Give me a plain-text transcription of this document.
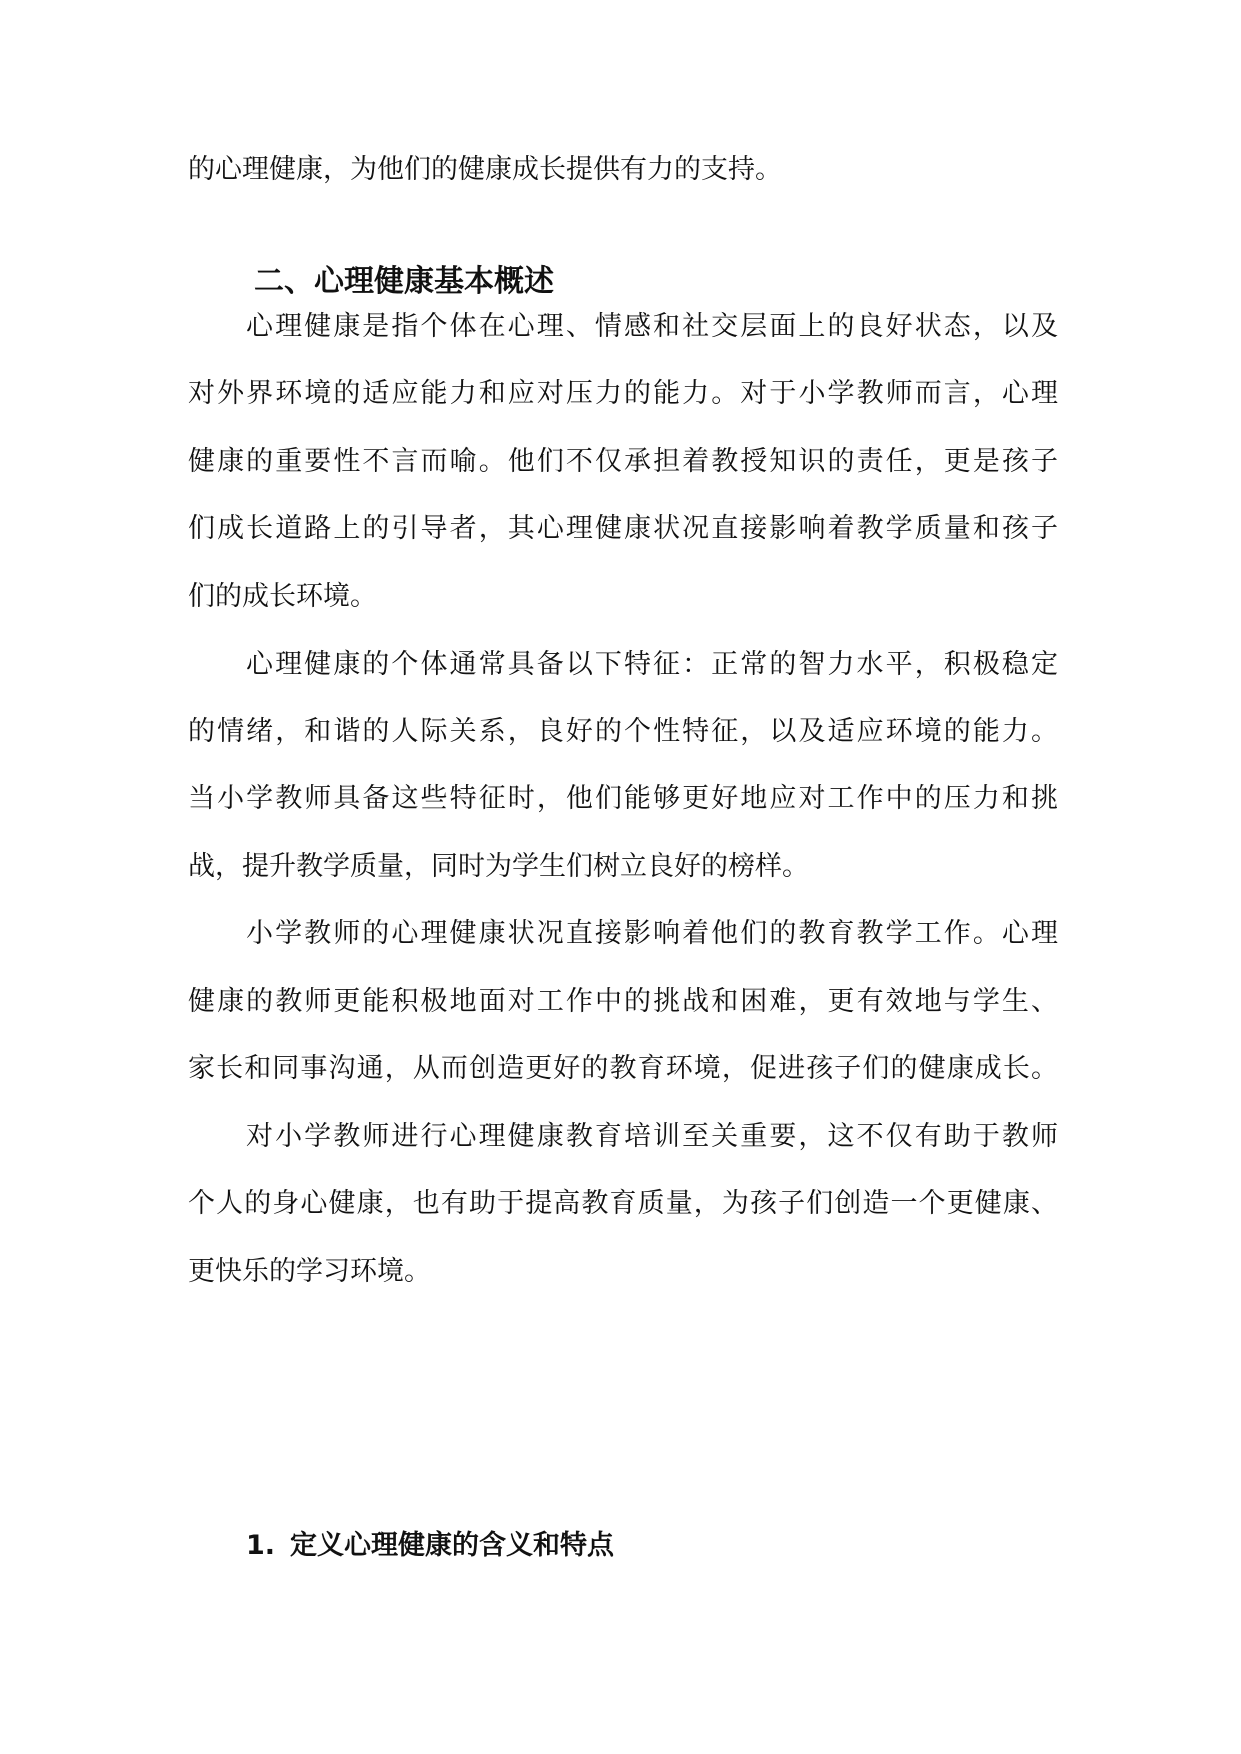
的心理健康，为他们的健康成长提供有力的支持。
二、心理健康基本概述
心理健康是指个体在心理、情感和社交层面上的良好状态，以及
对外界环境的适应能力和应对压力的能力。对于小学教师而言，心理
健康的重要性不言而喻。他们不仅承担着教授知识的责任，更是孩子
们成长道路上的引导者，其心理健康状况直接影响着教学质量和孩子
们的成长环境。
心理健康的个体通常具备以下特征：正常的智力水平，积极稳定
的情绪，和谐的人际关系，良好的个性特征，以及适应环境的能力。
当小学教师具备这些特征时，他们能够更好地应对工作中的压力和挑
战，提升教学质量，同时为学生们树立良好的榜样。
小学教师的心理健康状况直接影响着他们的教育教学工作。心理
健康的教师更能积极地面对工作中的挑战和困难，更有效地与学生、
家长和同事沟通，从而创造更好的教育环境，促进孩子们的健康成长。
对小学教师进行心理健康教育培训至关重要，这不仅有助于教师
个人的身心健康，也有助于提高教育质量，为孩子们创造一个更健康、
更快乐的学习环境。
1. 定义心理健康的含义和特点
